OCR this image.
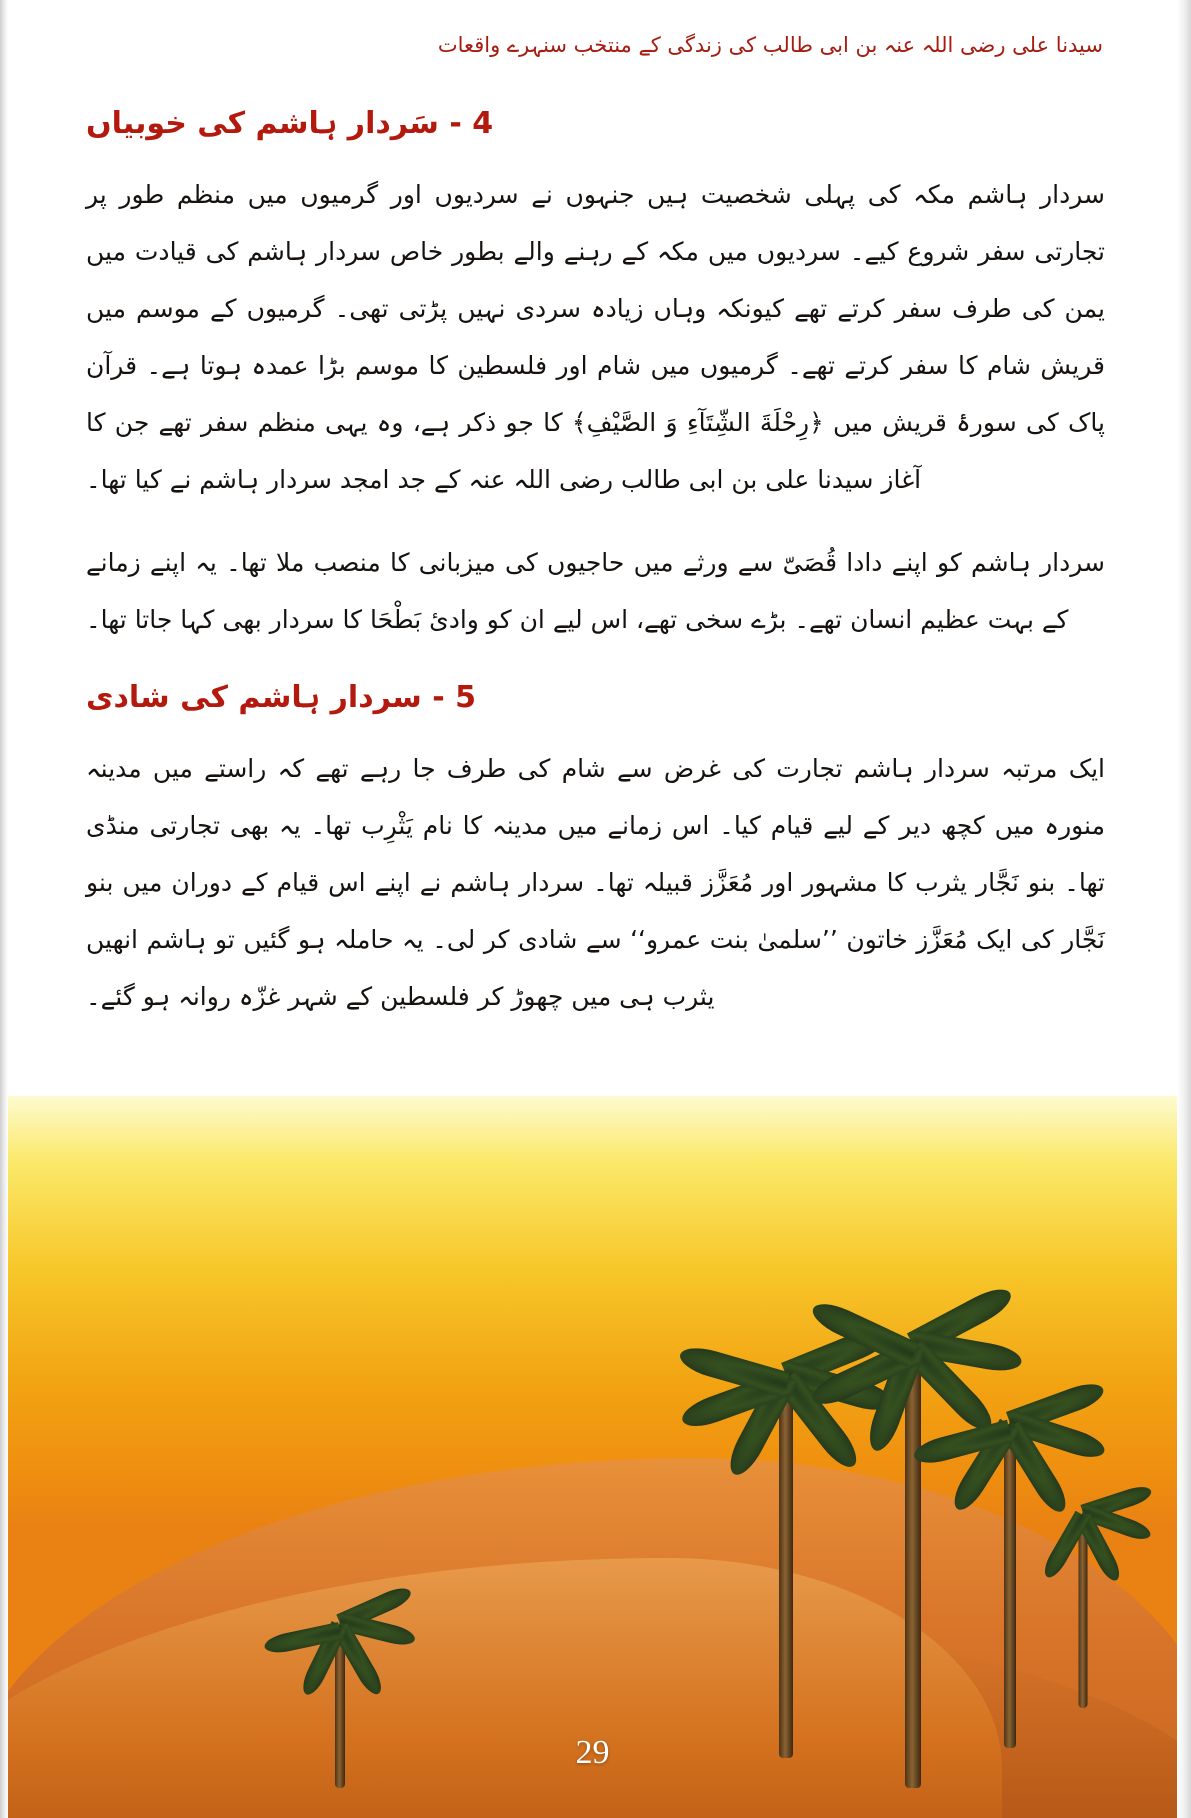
سیدنا علی رضی اللہ عنہ بن ابی طالب کی زندگی کے منتخب سنہرے واقعات
4 - سَردار ہاشم کی خوبیاں

سردار ہاشم مکہ کی پہلی شخصیت ہیں جنہوں نے سردیوں اور گرمیوں میں منظم طور پر تجارتی سفر شروع کیے۔ سردیوں میں مکہ کے رہنے والے بطور خاص سردار ہاشم کی قیادت میں یمن کی طرف سفر کرتے تھے کیونکہ وہاں زیادہ سردی نہیں پڑتی تھی۔ گرمیوں کے موسم میں قریش شام کا سفر کرتے تھے۔ گرمیوں میں شام اور فلسطین کا موسم بڑا عمدہ ہوتا ہے۔ قرآن پاک کی سورۂ قریش میں ﴿رِحْلَةَ الشِّتَآءِ وَ الصَّيْفِ﴾ کا جو ذکر ہے، وہ یہی منظم سفر تھے جن کا آغاز سیدنا علی بن ابی طالب رضی اللہ عنہ کے جد امجد سردار ہاشم نے کیا تھا۔

سردار ہاشم کو اپنے دادا قُصَیّ سے ورثے میں حاجیوں کی میزبانی کا منصب ملا تھا۔ یہ اپنے زمانے کے بہت عظیم انسان تھے۔ بڑے سخی تھے، اس لیے ان کو وادئ بَطْحَا کا سردار بھی کہا جاتا تھا۔

5 - سردار ہاشم کی شادی

ایک مرتبہ سردار ہاشم تجارت کی غرض سے شام کی طرف جا رہے تھے کہ راستے میں مدینہ منورہ میں کچھ دیر کے لیے قیام کیا۔ اس زمانے میں مدینہ کا نام یَثْرِب تھا۔ یہ بھی تجارتی منڈی تھا۔ بنو نَجَّار یثرب کا مشہور اور مُعَزَّز قبیلہ تھا۔ سردار ہاشم نے اپنے اس قیام کے دوران میں بنو نَجَّار کی ایک مُعَزَّز خاتون ’’سلمیٰ بنت عمرو‘‘ سے شادی کر لی۔ یہ حاملہ ہو گئیں تو ہاشم انھیں یثرب ہی میں چھوڑ کر فلسطین کے شہر غزّہ روانہ ہو گئے۔

29
